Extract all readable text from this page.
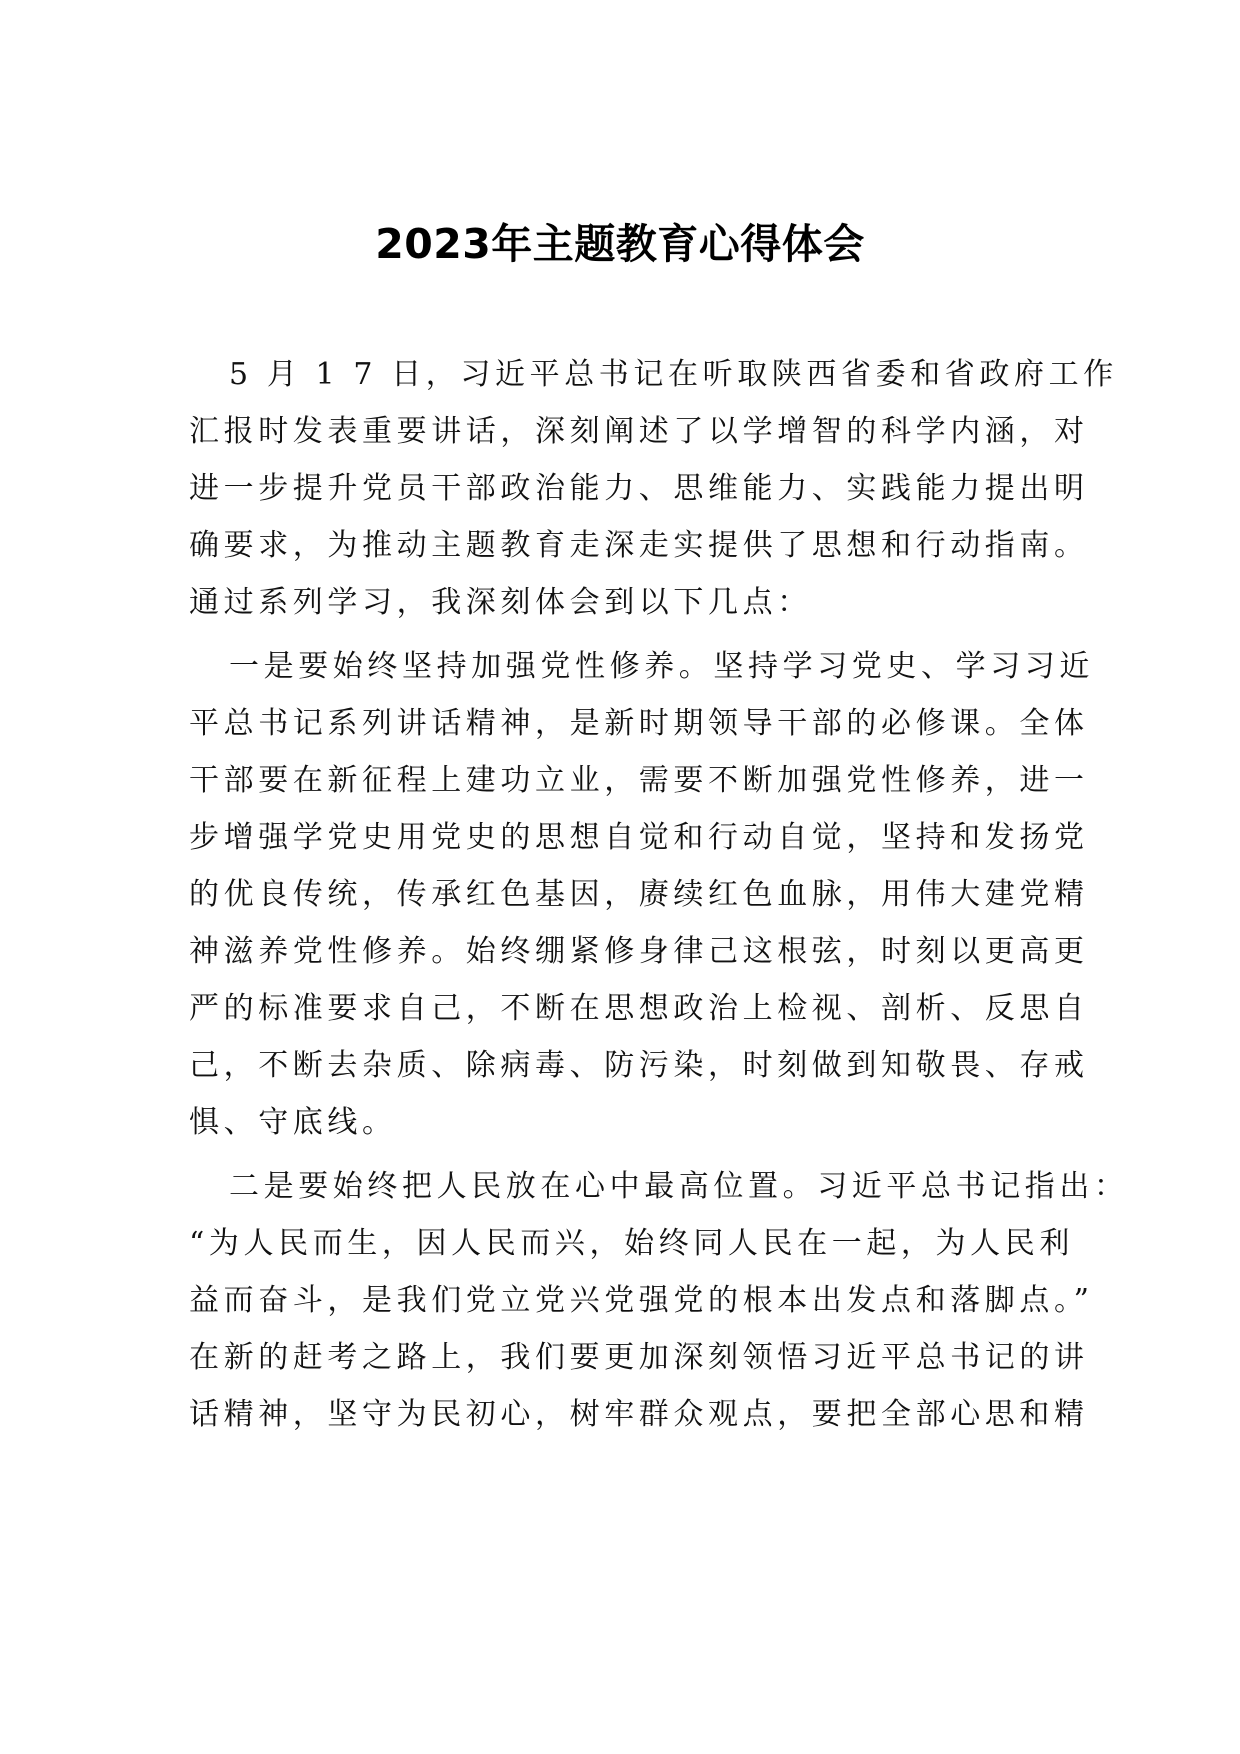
2023年主题教育心得体会
5 月 1 7 日，习近平总书记在听取陕西省委和省政府工作
汇报时发表重要讲话，深刻阐述了以学增智的科学内涵，对
进一步提升党员干部政治能力、思维能力、实践能力提出明
确要求，为推动主题教育走深走实提供了思想和行动指南。
通过系列学习，我深刻体会到以下几点：
一是要始终坚持加强党性修养。坚持学习党史、学习习近
平总书记系列讲话精神，是新时期领导干部的必修课。全体
干部要在新征程上建功立业，需要不断加强党性修养，进一
步增强学党史用党史的思想自觉和行动自觉，坚持和发扬党
的优良传统，传承红色基因，赓续红色血脉，用伟大建党精
神滋养党性修养。始终绷紧修身律己这根弦，时刻以更高更
严的标准要求自己，不断在思想政治上检视、剖析、反思自
己，不断去杂质、除病毒、防污染，时刻做到知敬畏、存戒
惧、守底线。
二是要始终把人民放在心中最高位置。习近平总书记指出：
“为人民而生，因人民而兴，始终同人民在一起，为人民利
益而奋斗，是我们党立党兴党强党的根本出发点和落脚点。”
在新的赶考之路上，我们要更加深刻领悟习近平总书记的讲
话精神，坚守为民初心，树牢群众观点，要把全部心思和精
